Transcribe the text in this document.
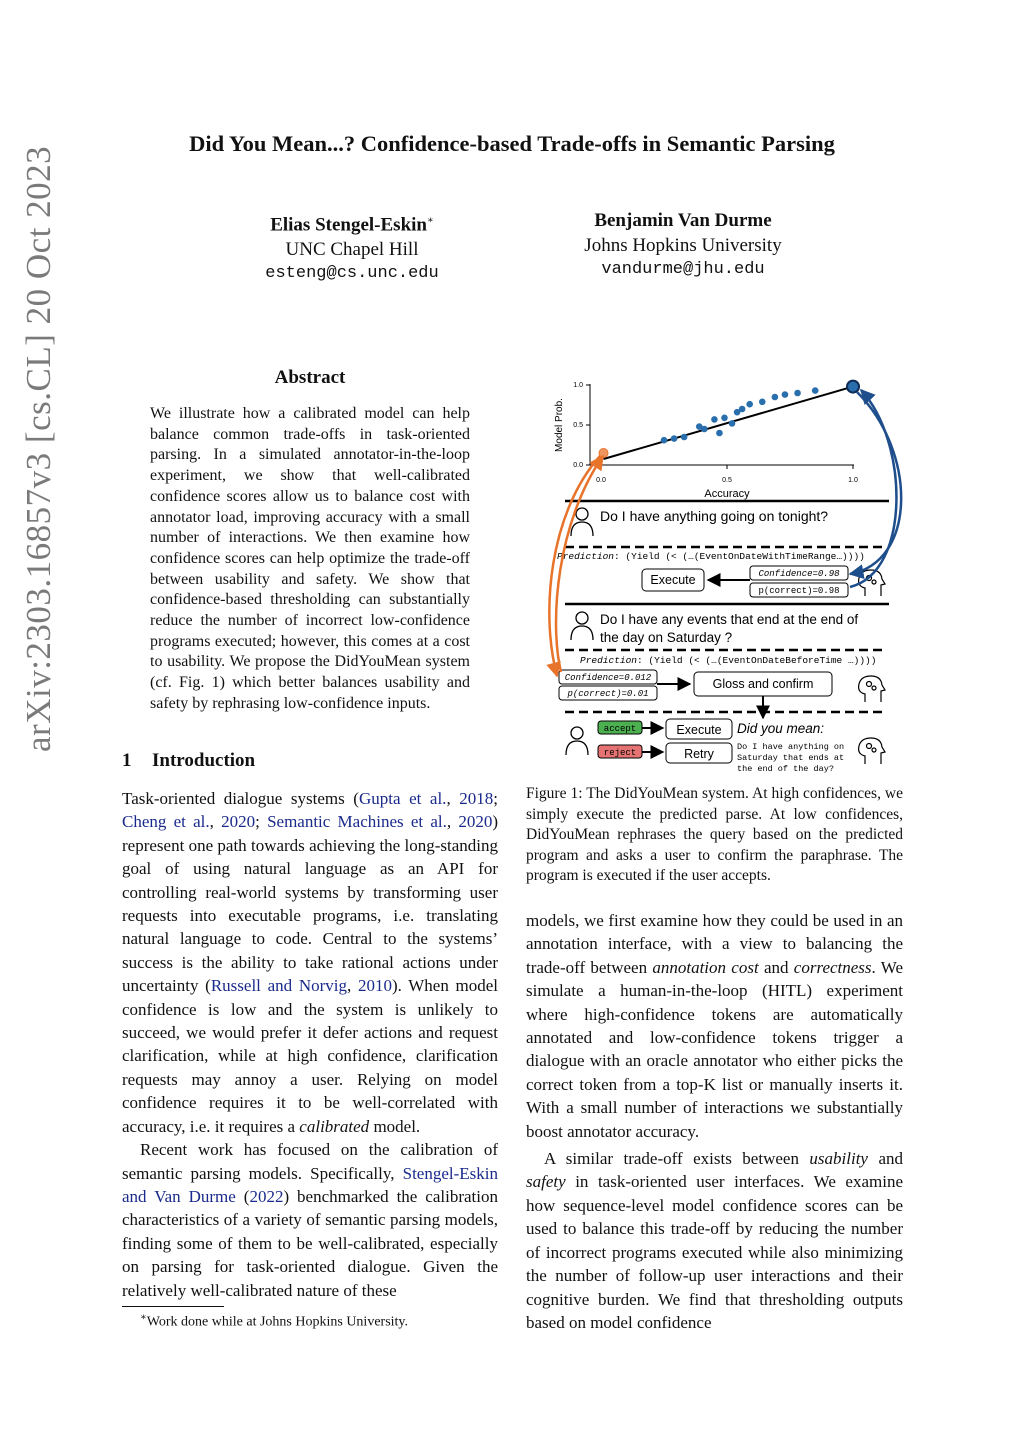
Did You Mean...? Confidence-based Trade-offs in Semantic Parsing
Elias Stengel-Eskin∗
UNC Chapel Hill
esteng@cs.unc.edu
Benjamin Van Durme
Johns Hopkins University
vandurme@jhu.edu
arXiv:2303.16857v3 [cs.CL] 20 Oct 2023	Abstract
We illustrate how a calibrated model can help balance common trade-offs in task-oriented parsing. In a simulated annotator-in-the-loop experiment, we show that well-calibrated confidence scores allow us to balance cost with annotator load, improving accuracy with a small number of interactions. We then examine how confidence scores can help optimize the trade-off between usability and safety. We show that confidence-based thresholding can substantially reduce the number of incorrect low-confidence programs executed; however, this comes at a cost to usability. We propose the DidYouMean system (cf. Fig. 1) which better balances usability and safety by rephrasing low-confidence inputs.
1 Introduction

Task-oriented dialogue systems (Gupta et al., 2018; Cheng et al., 2020; Semantic Machines et al., 2020) represent one path towards achieving the long-standing goal of using natural language as an API for controlling real-world systems by transforming user requests into executable programs, i.e. translating natural language to code. Central to the systems’ success is the ability to take rational actions under uncertainty (Russell and Norvig, 2010). When model confidence is low and the system is unlikely to succeed, we would prefer it defer actions and request clarification, while at high confidence, clarification requests may annoy a user. Relying on model confidence requires it to be well-correlated with accuracy, i.e. it requires a calibrated model.

Recent work has focused on the calibration of semantic parsing models. Specifically, Stengel-Eskin and Van Durme (2022) benchmarked the calibration characteristics of a variety of semantic parsing models, finding some of them to be well-calibrated, especially on parsing for task-oriented dialogue. Given the relatively well-calibrated nature of these

∗Work done while at Johns Hopkins University.
1.0
0.5
0.0
0.0	0.5	1.0
Accuracy
Model Prob.
Do I have anything going on tonight?
Prediction: (Yield (< (…(EventOnDateWithTimeRange…))))
Execute	Confidence=0.98
p(correct)=0.98
Do I have any events that end at the end of
the day on Saturday ?
Prediction: (Yield (< (…(EventOnDateBeforeTime …))))
Confidence=0.012
p(correct)=0.01
Gloss and confirm
accept
reject
Execute
Retry
Did you mean:
Do I have anything on
Saturday that ends at
the end of the day?
Figure 1: The DidYouMean system. At high confidences, we simply execute the predicted parse. At low confidences, DidYouMean rephrases the query based on the predicted program and asks a user to confirm the paraphrase. The program is executed if the user accepts.

models, we first examine how they could be used in an annotation interface, with a view to balancing the trade-off between annotation cost and correctness. We simulate a human-in-the-loop (HITL) experiment where high-confidence tokens are automatically annotated and low-confidence tokens trigger a dialogue with an oracle annotator who either picks the correct token from a top-K list or manually inserts it. With a small number of interactions we substantially boost annotator accuracy.

A similar trade-off exists between usability and safety in task-oriented user interfaces. We examine how sequence-level model confidence scores can be used to balance this trade-off by reducing the number of incorrect programs executed while also minimizing the number of follow-up user interactions and their cognitive burden. We find that thresholding outputs based on model confidence
